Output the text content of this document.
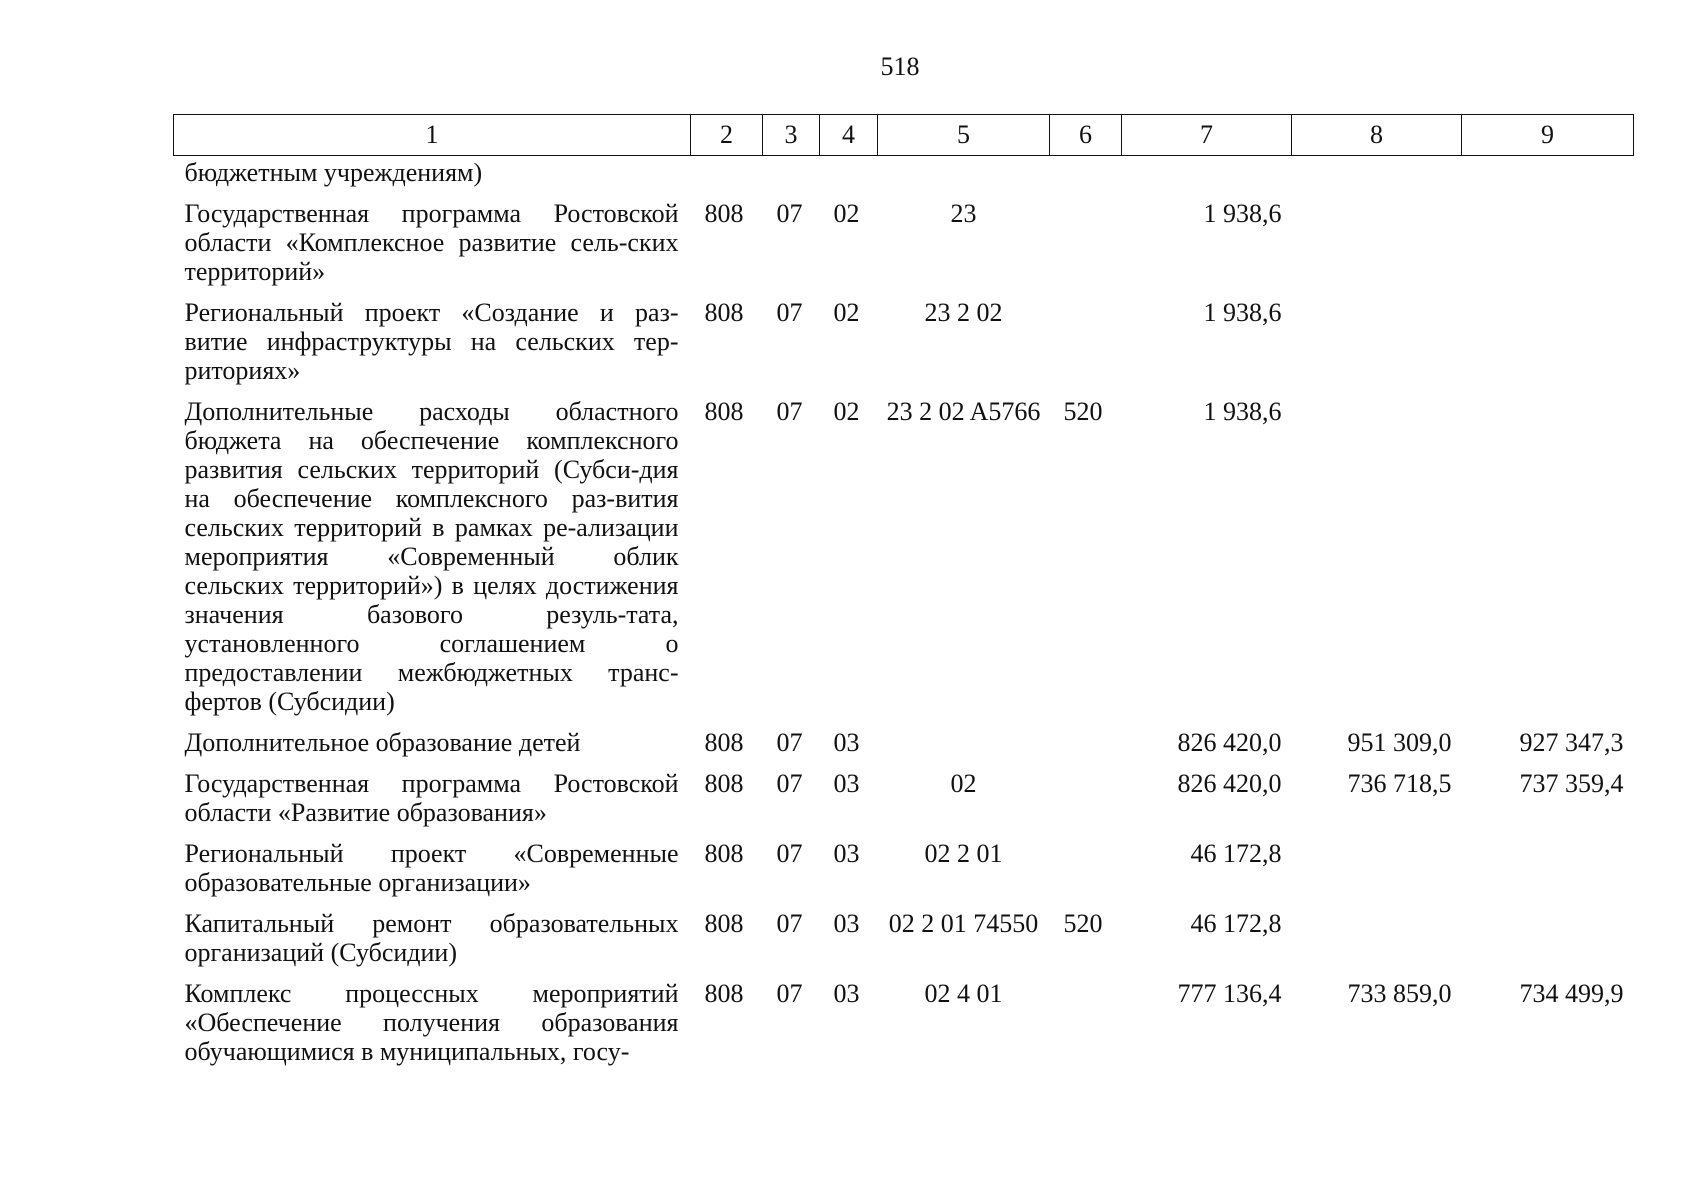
518
1	2	3	4	5	6	7	8	9
бюджетным учреждениям)								
Государственная программа Ростовской области «Комплексное развитие сель-ских территорий»	808	07	02	23		1 938,6		
Региональный проект «Создание и раз-витие инфраструктуры на сельских тер-риториях»	808	07	02	23 2 02		1 938,6		
Дополнительные расходы областного бюджета на обеспечение комплексного развития сельских территорий (Субси-дия на обеспечение комплексного раз-вития сельских территорий в рамках ре-ализации мероприятия «Современный облик сельских территорий») в целях достижения значения базового резуль-тата, установленного соглашением о предоставлении межбюджетных транс-фертов (Субсидии)	808	07	02	23 2 02 A5766	520	1 938,6		
Дополнительное образование детей	808	07	03			826 420,0	951 309,0	927 347,3
Государственная программа Ростовской области «Развитие образования»	808	07	03	02		826 420,0	736 718,5	737 359,4
Региональный проект «Современные образовательные организации»	808	07	03	02 2 01		46 172,8		
Капитальный ремонт образовательных организаций (Субсидии)	808	07	03	02 2 01 74550	520	46 172,8		
Комплекс процессных мероприятий «Обеспечение получения образования обучающимися в муниципальных, госу-	808	07	03	02 4 01		777 136,4	733 859,0	734 499,9
